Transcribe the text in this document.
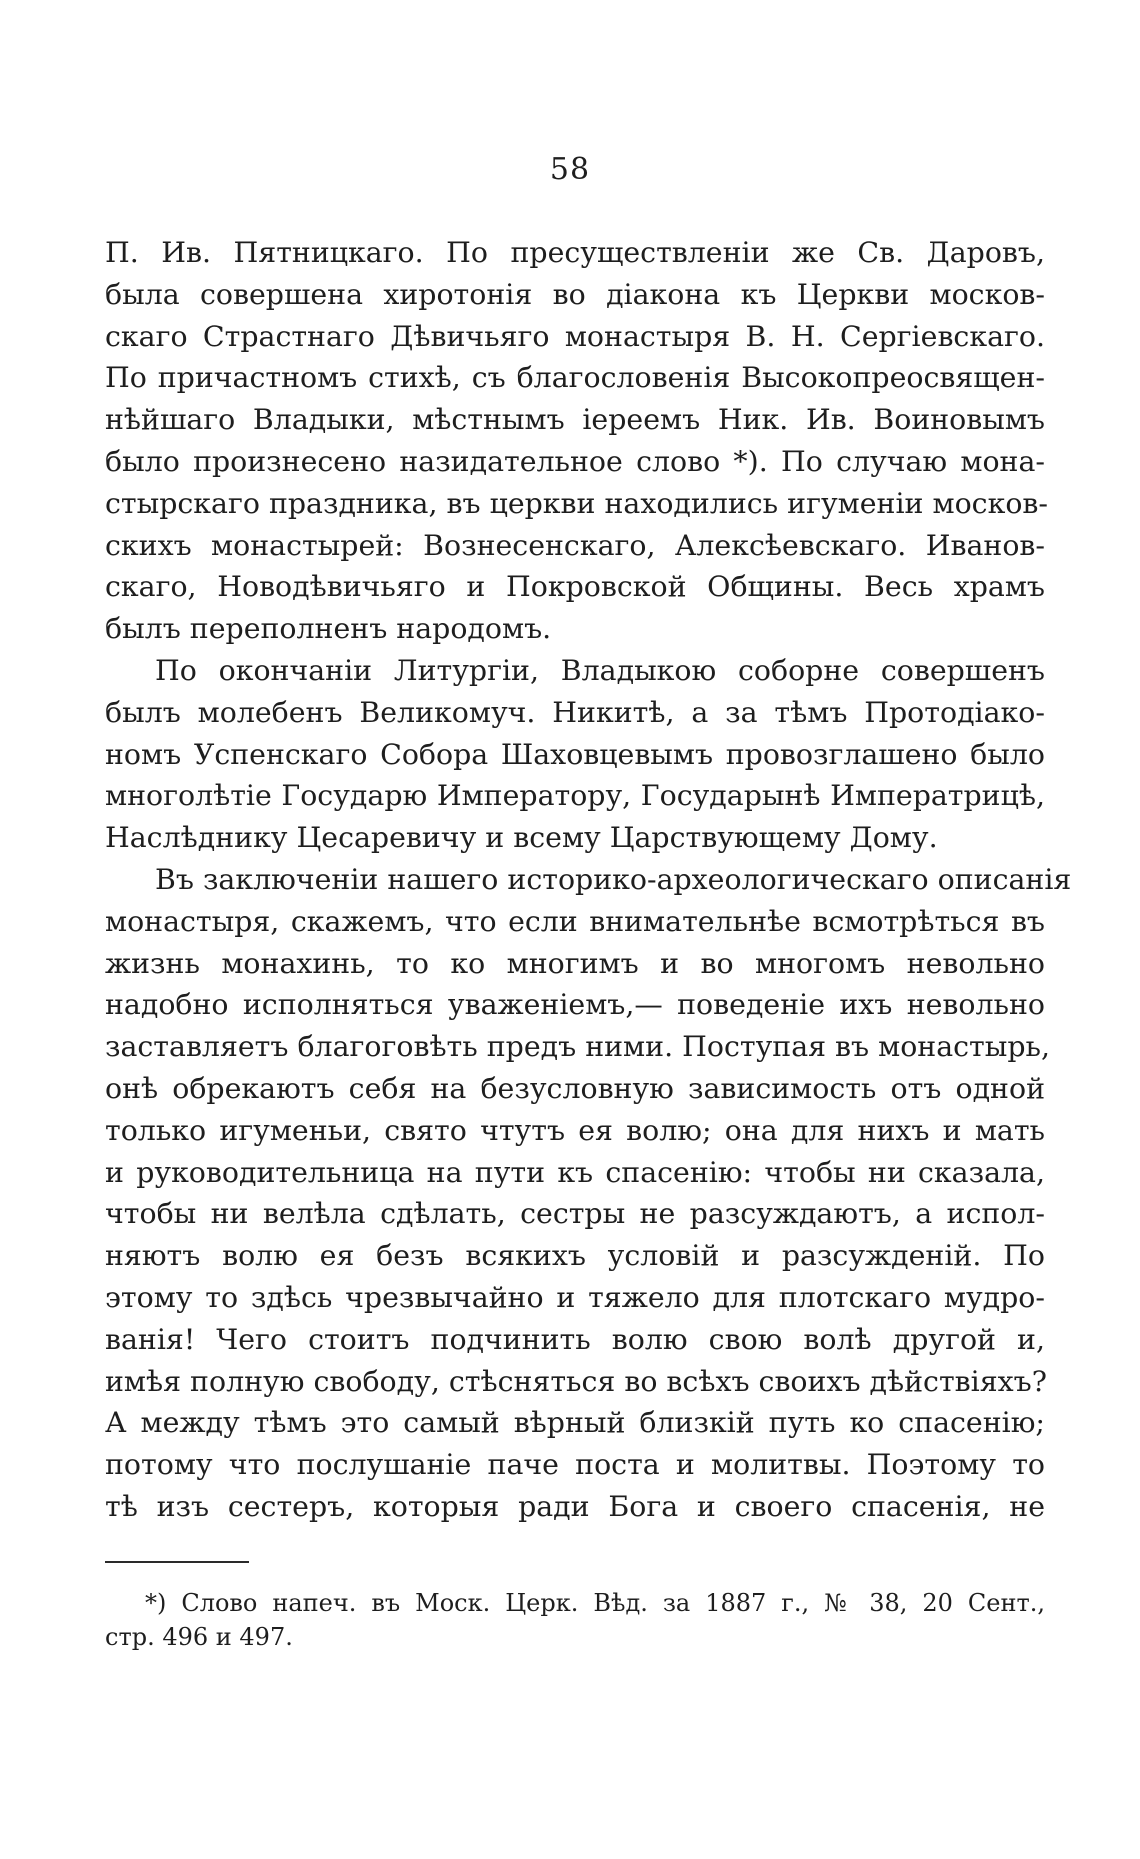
58
П. Ив. Пятницкаго. По пресуществленіи же Св. Даровъ,
была совершена хиротонія во діакона къ Церкви москов-
скаго Страстнаго Дѣвичьяго монастыря В. Н. Сергіевскаго.
По причастномъ стихѣ, съ благословенія Высокопреосвящен-
нѣйшаго Владыки, мѣстнымъ іереемъ Ник. Ив. Воиновымъ
было произнесено назидательное слово *). По случаю мона-
стырскаго праздника, въ церкви находились игуменіи москов-
скихъ монастырей: Вознесенскаго, Алексѣевскаго. Иванов-
скаго, Новодѣвичьяго и Покровской Общины. Весь храмъ
былъ переполненъ народомъ.
По окончаніи Литургіи, Владыкою соборне совершенъ
былъ молебенъ Великомуч. Никитѣ, а за тѣмъ Протодіако-
номъ Успенскаго Собора Шаховцевымъ провозглашено было
многолѣтіе Государю Императору, Государынѣ Императрицѣ,
Наслѣднику Цесаревичу и всему Царствующему Дому.
Въ заключеніи нашего историко-археологическаго описанія
монастыря, скажемъ, что если внимательнѣе всмотрѣться въ
жизнь монахинь, то ко многимъ и во многомъ невольно
надобно исполняться уваженіемъ,— поведеніе ихъ невольно
заставляетъ благоговѣть предъ ними. Поступая въ монастырь,
онѣ обрекаютъ себя на безусловную зависимость отъ одной
только игуменьи, свято чтутъ ея волю; она для нихъ и мать
и руководительница на пути къ спасенію: чтобы ни сказала,
чтобы ни велѣла сдѣлать, сестры не разсуждаютъ, а испол-
няютъ волю ея безъ всякихъ условій и разсужденій. По
этому то здѣсь чрезвычайно и тяжело для плотскаго мудро-
ванія! Чего стоитъ подчинить волю свою волѣ другой и,
имѣя полную свободу, стѣсняться во всѣхъ своихъ дѣйствіяхъ?
А между тѣмъ это самый вѣрный близкій путь ко спасенію;
потому что послушаніе паче поста и молитвы. Поэтому то
тѣ изъ сестеръ, которыя ради Бога и своего спасенія, не
*) Слово напеч. въ Моск. Церк. Вѣд. за 1887 г., № 38, 20 Сент.,
стр. 496 и 497.
